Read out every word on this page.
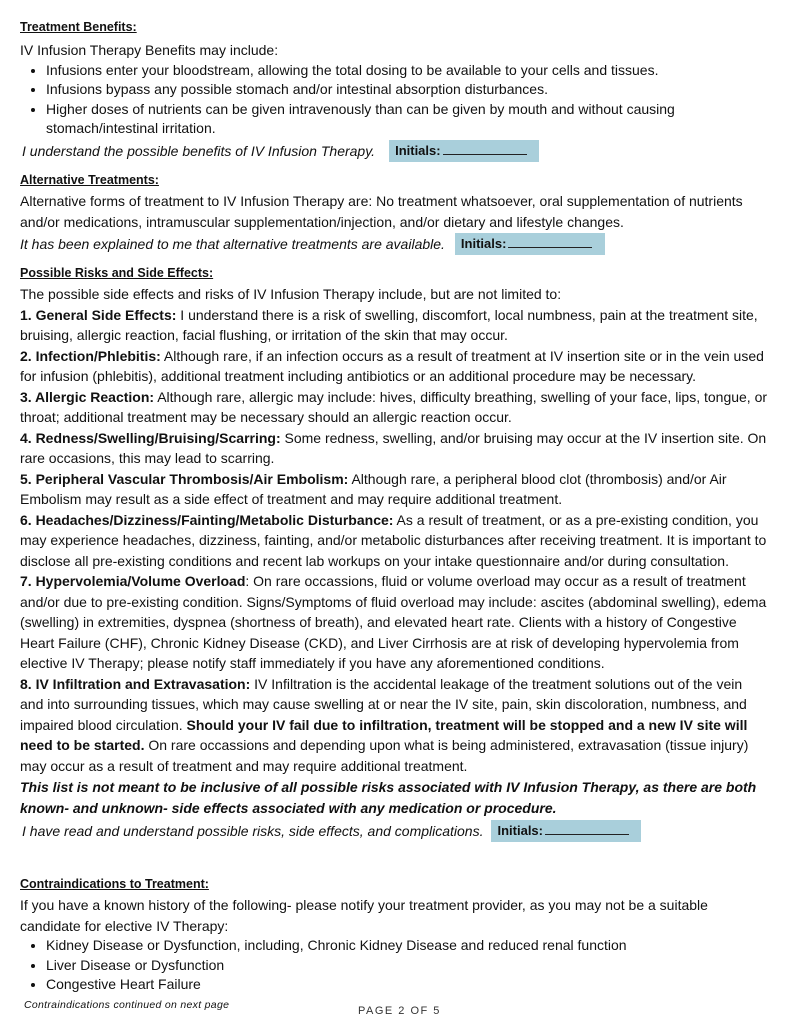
Treatment Benefits:

IV Infusion Therapy Benefits may include:

• Infusions enter your bloodstream, allowing the total dosing to be available to your cells and tissues.
• Infusions bypass any possible stomach and/or intestinal absorption disturbances.
• Higher doses of nutrients can be given intravenously than can be given by mouth and without causing stomach/intestinal irritation.
I understand the possible benefits of IV Infusion Therapy.	Initials:

Alternative Treatments:

Alternative forms of treatment to IV Infusion Therapy are: No treatment whatsoever, oral supplementation of nutrients and/or medications, intramuscular supplementation/injection, and/or dietary and lifestyle changes.

It has been explained to me that alternative treatments are available.	Initials:

Possible Risks and Side Effects:

The possible side effects and risks of IV Infusion Therapy include, but are not limited to:

1. General Side Effects: I understand there is a risk of swelling, discomfort, local numbness, pain at the treatment site, bruising, allergic reaction, facial flushing, or irritation of the skin that may occur.

2. Infection/Phlebitis: Although rare, if an infection occurs as a result of treatment at IV insertion site or in the vein used for infusion (phlebitis), additional treatment including antibiotics or an additional procedure may be necessary.

3. Allergic Reaction: Although rare, allergic may include: hives, difficulty breathing, swelling of your face, lips, tongue, or throat; additional treatment may be necessary should an allergic reaction occur.

4. Redness/Swelling/Bruising/Scarring: Some redness, swelling, and/or bruising may occur at the IV insertion site. On rare occasions, this may lead to scarring.

5. Peripheral Vascular Thrombosis/Air Embolism: Although rare, a peripheral blood clot (thrombosis) and/or Air Embolism may result as a side effect of treatment and may require additional treatment.

6. Headaches/Dizziness/Fainting/Metabolic Disturbance: As a result of treatment, or as a pre-existing condition, you may experience headaches, dizziness, fainting, and/or metabolic disturbances after receiving treatment. It is important to disclose all pre-existing conditions and recent lab workups on your intake questionnaire and/or during consultation.

7. Hypervolemia/Volume Overload: On rare occassions, fluid or volume overload may occur as a result of treatment and/or due to pre-existing condition. Signs/Symptoms of fluid overload may include: ascites (abdominal swelling), edema (swelling) in extremities, dyspnea (shortness of breath), and elevated heart rate. Clients with a history of Congestive Heart Failure (CHF), Chronic Kidney Disease (CKD), and Liver Cirrhosis are at risk of developing hypervolemia from elective IV Therapy; please notify staff immediately if you have any aforementioned conditions.

8. IV Infiltration and Extravasation: IV Infiltration is the accidental leakage of the treatment solutions out of the vein and into surrounding tissues, which may cause swelling at or near the IV site, pain, skin discoloration, numbness, and impaired blood circulation. Should your IV fail due to infiltration, treatment will be stopped and a new IV site will need to be started. On rare occassions and depending upon what is being administered, extravasation (tissue injury) may occur as a result of treatment and may require additional treatment.

This list is not meant to be inclusive of all possible risks associated with IV Infusion Therapy, as there are both known- and unknown- side effects associated with any medication or procedure.

I have read and understand possible risks, side effects, and complications.	Initials:

Contraindications to Treatment:

If you have a known history of the following- please notify your treatment provider, as you may not be a suitable candidate for elective IV Therapy:

• Kidney Disease or Dysfunction, including, Chronic Kidney Disease and reduced renal function
• Liver Disease or Dysfunction
• Congestive Heart Failure
Contraindications continued on next page	PAGE 2 OF 5
